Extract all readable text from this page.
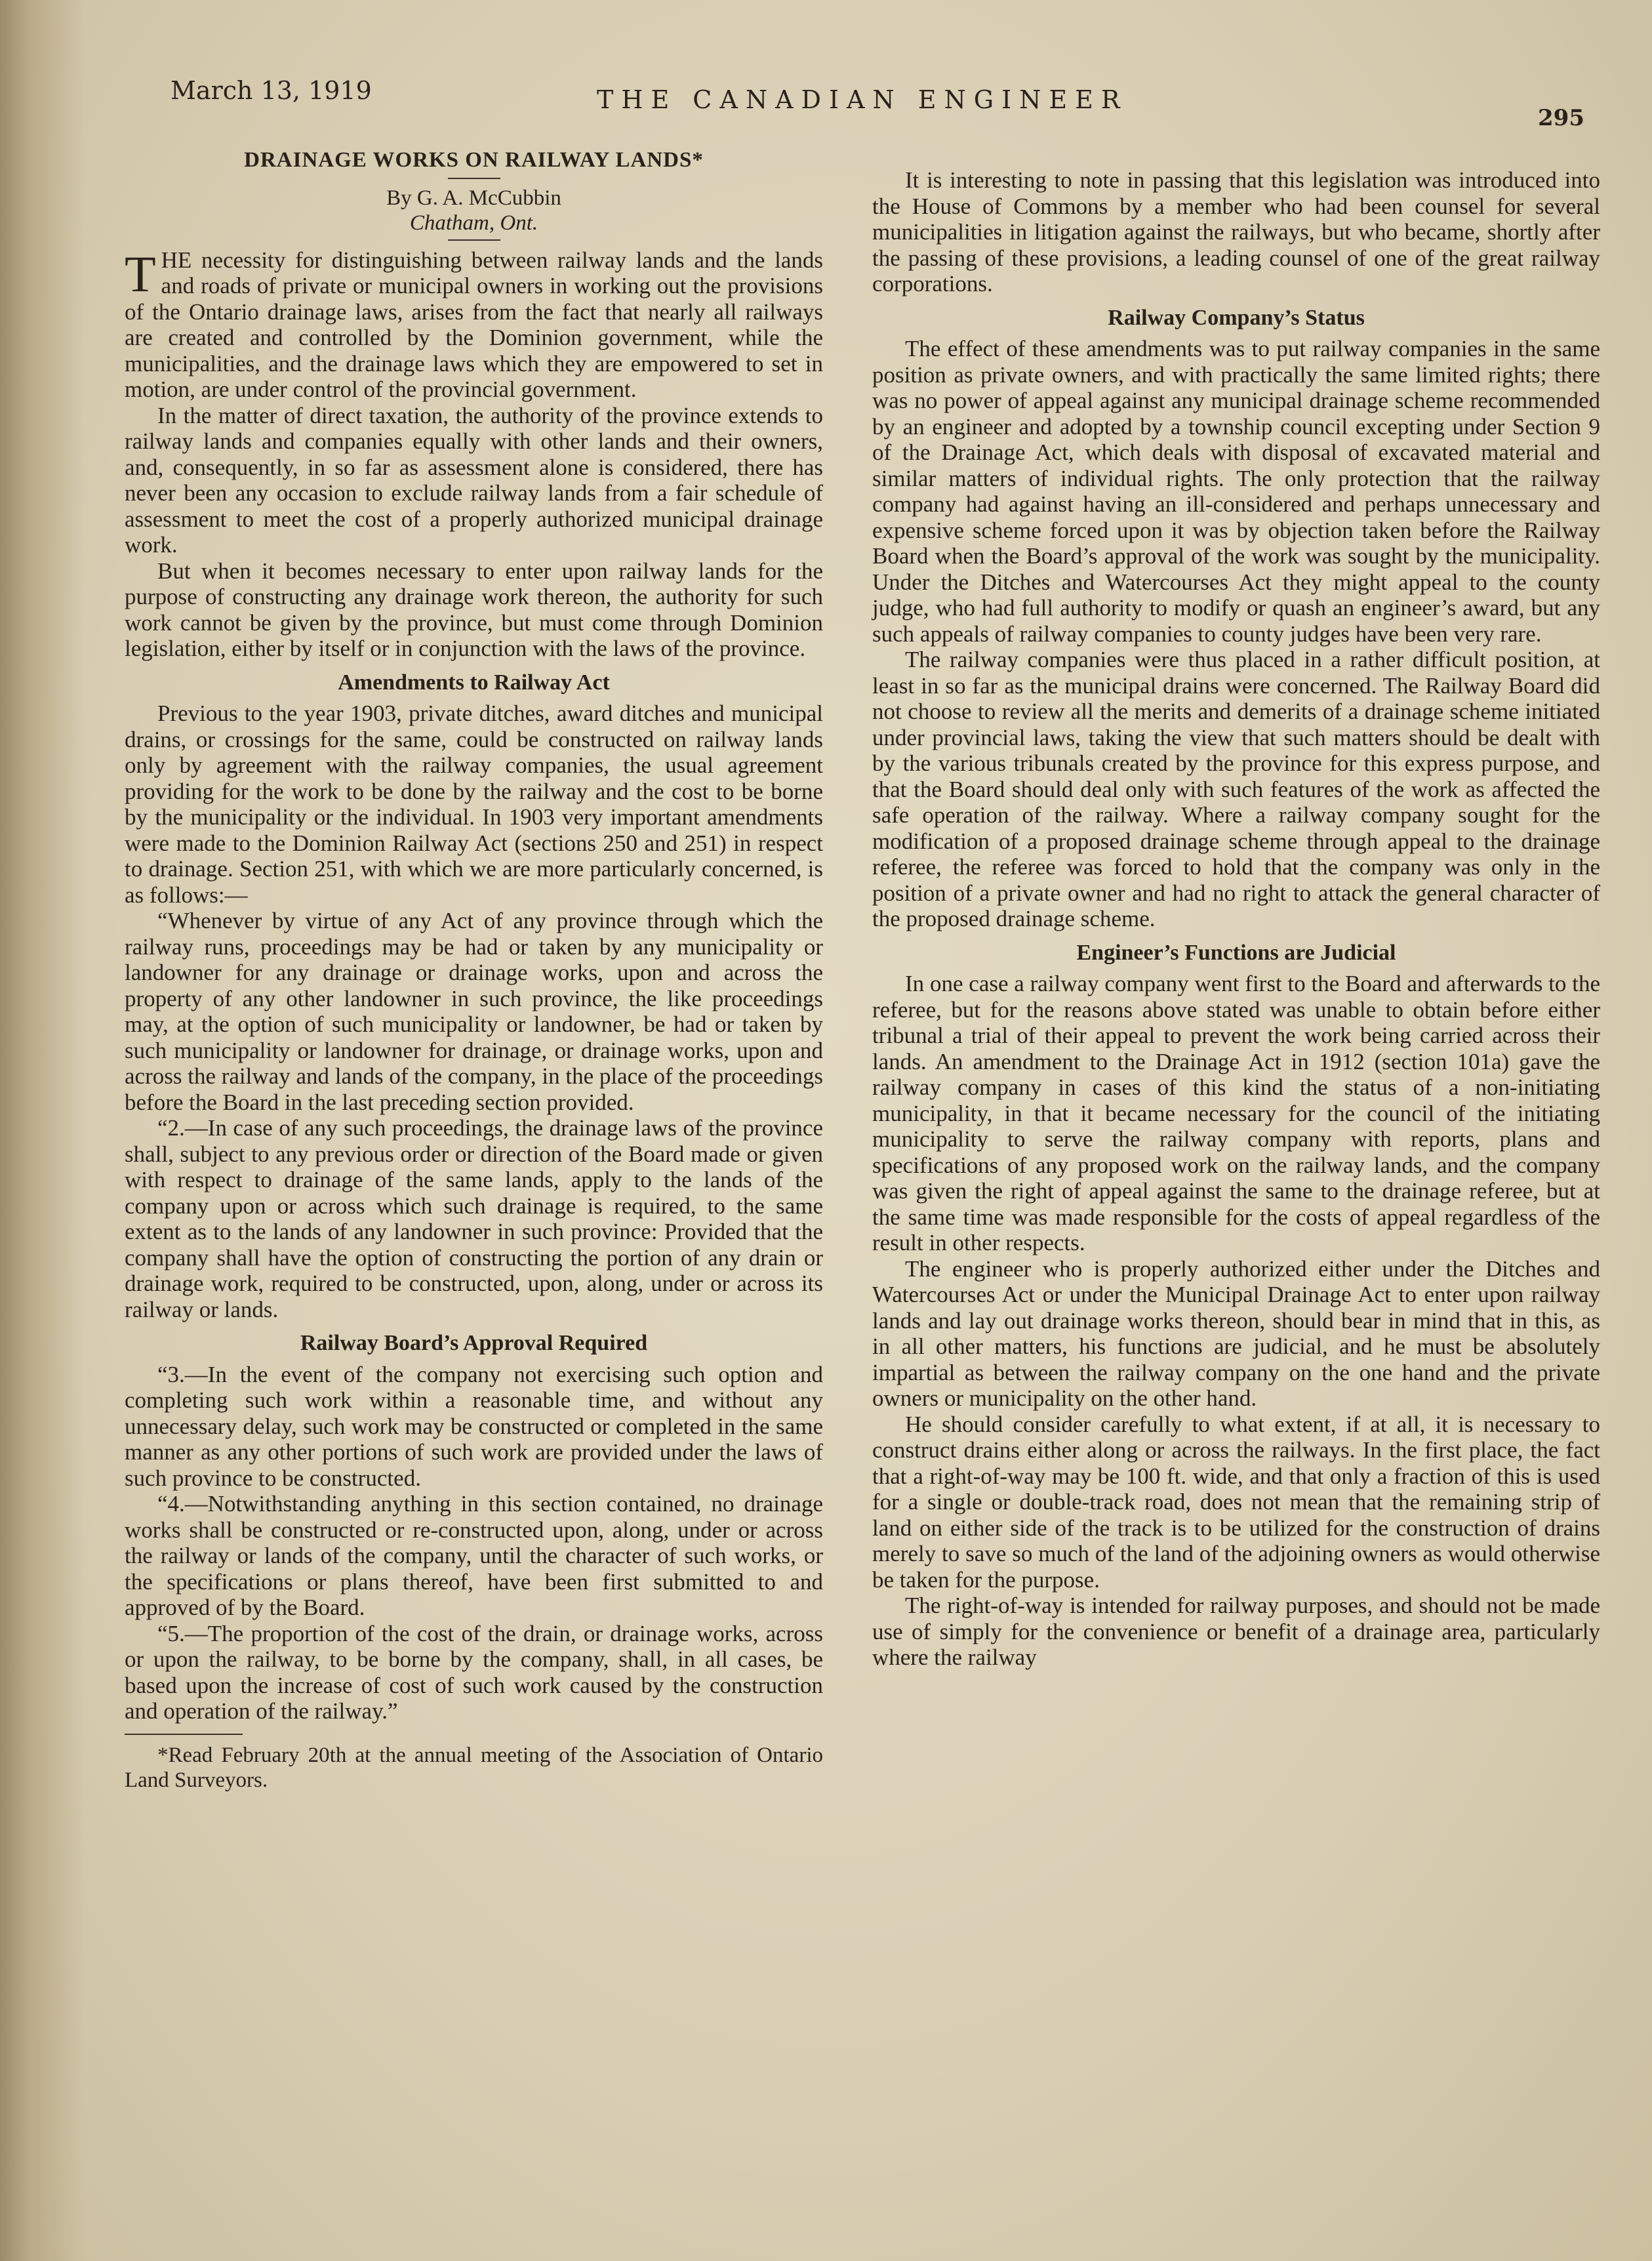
March 13, 1919	THE CANADIAN ENGINEER
295
DRAINAGE WORKS ON RAILWAY LANDS*
By G. A. McCubbin
Chatham, Ont.

THE necessity for distinguishing between railway lands and the lands and roads of private or municipal owners in working out the provisions of the Ontario drainage laws, arises from the fact that nearly all railways are created and controlled by the Dominion government, while the municipalities, and the drainage laws which they are empowered to set in motion, are under control of the provincial government.

In the matter of direct taxation, the authority of the province extends to railway lands and companies equally with other lands and their owners, and, consequently, in so far as assessment alone is considered, there has never been any occasion to exclude railway lands from a fair schedule of assessment to meet the cost of a properly authorized municipal drainage work.

But when it becomes necessary to enter upon railway lands for the purpose of constructing any drainage work thereon, the authority for such work cannot be given by the province, but must come through Dominion legislation, either by itself or in conjunction with the laws of the province.

Amendments to Railway Act

Previous to the year 1903, private ditches, award ditches and municipal drains, or crossings for the same, could be constructed on railway lands only by agreement with the railway companies, the usual agreement providing for the work to be done by the railway and the cost to be borne by the municipality or the individual. In 1903 very important amendments were made to the Dominion Railway Act (sections 250 and 251) in respect to drainage. Section 251, with which we are more particularly concerned, is as follows:—

“Whenever by virtue of any Act of any province through which the railway runs, proceedings may be had or taken by any municipality or landowner for any drainage or drainage works, upon and across the property of any other landowner in such province, the like proceedings may, at the option of such municipality or landowner, be had or taken by such municipality or landowner for drainage, or drainage works, upon and across the railway and lands of the company, in the place of the proceedings before the Board in the last preceding section provided.

“2.—In case of any such proceedings, the drainage laws of the province shall, subject to any previous order or direction of the Board made or given with respect to drainage of the same lands, apply to the lands of the company upon or across which such drainage is required, to the same extent as to the lands of any landowner in such province: Provided that the company shall have the option of constructing the portion of any drain or drainage work, required to be constructed, upon, along, under or across its railway or lands.

Railway Board’s Approval Required

“3.—In the event of the company not exercising such option and completing such work within a reasonable time, and without any unnecessary delay, such work may be constructed or completed in the same manner as any other portions of such work are provided under the laws of such province to be constructed.

“4.—Notwithstanding anything in this section contained, no drainage works shall be constructed or re-constructed upon, along, under or across the railway or lands of the company, until the character of such works, or the specifications or plans thereof, have been first submitted to and approved of by the Board.

“5.—The proportion of the cost of the drain, or drainage works, across or upon the railway, to be borne by the company, shall, in all cases, be based upon the increase of cost of such work caused by the construction and operation of the railway.”

*Read February 20th at the annual meeting of the Association of Ontario Land Surveyors.

It is interesting to note in passing that this legislation was introduced into the House of Commons by a member who had been counsel for several municipalities in litigation against the railways, but who became, shortly after the passing of these provisions, a leading counsel of one of the great railway corporations.

Railway Company’s Status

The effect of these amendments was to put railway companies in the same position as private owners, and with practically the same limited rights; there was no power of appeal against any municipal drainage scheme recommended by an engineer and adopted by a township council excepting under Section 9 of the Drainage Act, which deals with disposal of excavated material and similar matters of individual rights. The only protection that the railway company had against having an ill-considered and perhaps unnecessary and expensive scheme forced upon it was by objection taken before the Railway Board when the Board’s approval of the work was sought by the municipality. Under the Ditches and Watercourses Act they might appeal to the county judge, who had full authority to modify or quash an engineer’s award, but any such appeals of railway companies to county judges have been very rare.

The railway companies were thus placed in a rather difficult position, at least in so far as the municipal drains were concerned. The Railway Board did not choose to review all the merits and demerits of a drainage scheme initiated under provincial laws, taking the view that such matters should be dealt with by the various tribunals created by the province for this express purpose, and that the Board should deal only with such features of the work as affected the safe operation of the railway. Where a railway company sought for the modification of a proposed drainage scheme through appeal to the drainage referee, the referee was forced to hold that the company was only in the position of a private owner and had no right to attack the general character of the proposed drainage scheme.

Engineer’s Functions are Judicial

In one case a railway company went first to the Board and afterwards to the referee, but for the reasons above stated was unable to obtain before either tribunal a trial of their appeal to prevent the work being carried across their lands. An amendment to the Drainage Act in 1912 (section 101a) gave the railway company in cases of this kind the status of a non-initiating municipality, in that it became necessary for the council of the initiating municipality to serve the railway company with reports, plans and specifications of any proposed work on the railway lands, and the company was given the right of appeal against the same to the drainage referee, but at the same time was made responsible for the costs of appeal regardless of the result in other respects.

The engineer who is properly authorized either under the Ditches and Watercourses Act or under the Municipal Drainage Act to enter upon railway lands and lay out drainage works thereon, should bear in mind that in this, as in all other matters, his functions are judicial, and he must be absolutely impartial as between the railway company on the one hand and the private owners or municipality on the other hand.

He should consider carefully to what extent, if at all, it is necessary to construct drains either along or across the railways. In the first place, the fact that a right-of-way may be 100 ft. wide, and that only a fraction of this is used for a single or double-track road, does not mean that the remaining strip of land on either side of the track is to be utilized for the construction of drains merely to save so much of the land of the adjoining owners as would otherwise be taken for the purpose.

The right-of-way is intended for railway purposes, and should not be made use of simply for the convenience or benefit of a drainage area, particularly where the railway
